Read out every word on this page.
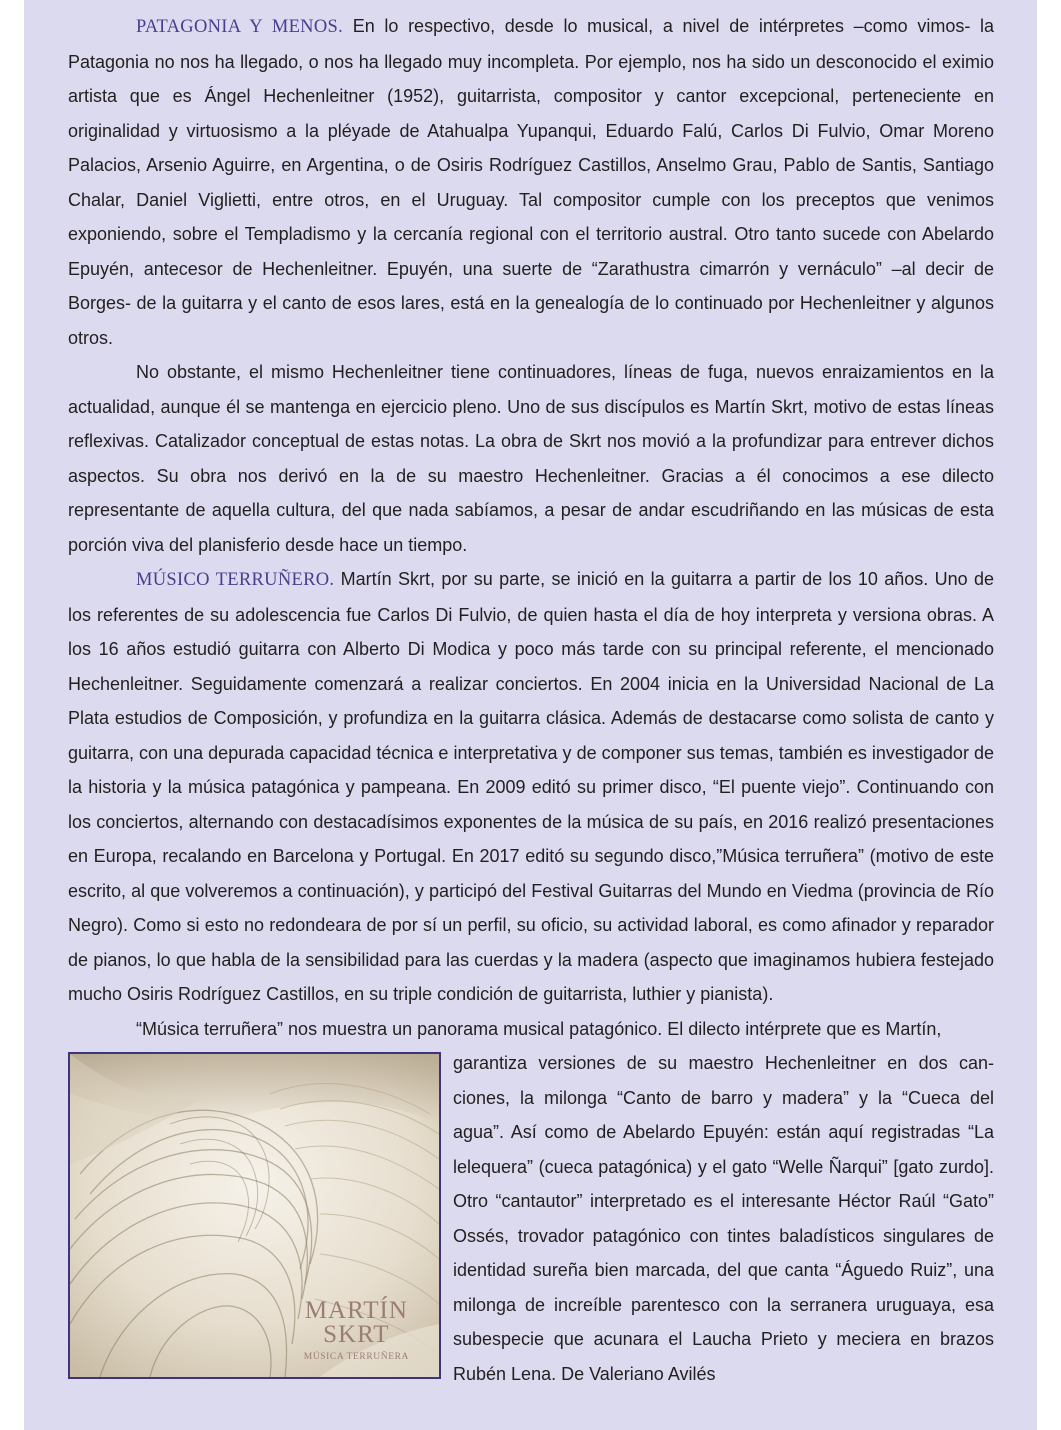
PATAGONIA Y MENOS. En lo respectivo, desde lo musical, a nivel de intérpretes –como vimos- la Patagonia no nos ha llegado, o nos ha llegado muy incompleta. Por ejemplo, nos ha sido un desconocido el eximio artista que es Ángel Hechenleitner (1952), guitarrista, compositor y cantor excepcional, perteneciente en originalidad y virtuosismo a la pléyade de Atahualpa Yupanqui, Eduardo Falú, Carlos Di Fulvio, Omar Moreno Palacios, Arsenio Aguirre, en Argentina, o de Osiris Rodríguez Castillos, Anselmo Grau, Pablo de Santis, Santiago Chalar, Daniel Viglietti, entre otros, en el Uruguay. Tal compositor cumple con los preceptos que venimos exponiendo, sobre el Templadismo y la cercanía regional con el territorio austral. Otro tanto sucede con Abelardo Epuyén, antecesor de Hechenleitner. Epuyén, una suerte de “Zarathustra cimarrón y vernáculo” –al decir de Borges- de la guitarra y el canto de esos lares, está en la genealogía de lo continuado por Hechenleitner y algunos otros.

No obstante, el mismo Hechenleitner tiene continuadores, líneas de fuga, nuevos enraizamientos en la actualidad, aunque él se mantenga en ejercicio pleno. Uno de sus discípulos es Martín Skrt, motivo de estas líneas reflexivas. Catalizador conceptual de estas notas. La obra de Skrt nos movió a la profundizar para entrever dichos aspectos. Su obra nos derivó en la de su maestro Hechenleitner. Gracias a él conocimos a ese dilecto representante de aquella cultura, del que nada sabíamos, a pesar de andar escudriñando en las músicas de esta porción viva del planisferio desde hace un tiempo.

MÚSICO TERRUÑERO. Martín Skrt, por su parte, se inició en la guitarra a partir de los 10 años. Uno de los referentes de su adolescencia fue Carlos Di Fulvio, de quien hasta el día de hoy interpreta y versiona obras. A los 16 años estudió guitarra con Alberto Di Modica y poco más tarde con su principal referente, el mencionado Hechenleitner. Seguidamente comenzará a realizar conciertos. En 2004 inicia en la Universidad Nacional de La Plata estudios de Composición, y profundiza en la guitarra clásica. Además de destacarse como solista de canto y guitarra, con una depurada capacidad técnica e interpretativa y de componer sus temas, también es investigador de la historia y la música patagónica y pampeana. En 2009 editó su primer disco, “El puente viejo”. Continuando con los conciertos, alternando con destacadísimos exponentes de la música de su país, en 2016 realizó presentaciones en Europa, recalando en Barcelona y Portugal. En 2017 editó su segundo disco,”Música terruñera” (motivo de este escrito, al que volveremos a continuación), y participó del Festival Guitarras del Mundo en Viedma (provincia de Río Negro). Como si esto no redondeara de por sí un perfil, su oficio, su actividad laboral, es como afinador y reparador de pianos, lo que habla de la sensibilidad para las cuerdas y la madera (aspecto que imaginamos hubiera festejado mucho Osiris Rodríguez Castillos, en su triple condición de guitarrista, luthier y pianista).

“Música terruñera” nos muestra un panorama musical patagónico. El dilecto intérprete que es Martín,

MARTÍN
SKRT
MÚSICA TERRUÑERA

garantiza versiones de su maestro Hechenleitner en dos canciones, la milonga “Canto de barro y madera” y la “Cueca del agua”. Así como de Abelardo Epuyén: están aquí registradas “La lelequera” (cueca patagónica) y el gato “Welle Ñarqui” [gato zurdo]. Otro “cantautor” interpretado es el interesante Héctor Raúl “Gato” Ossés, trovador patagónico con tintes baladísticos singulares de identidad sureña bien marcada, del que canta “Águedo Ruiz”, una milonga de increíble parentesco con la serranera uruguaya, esa subespecie que acunara el Laucha Prieto y meciera en brazos Rubén Lena. De Valeriano Avilés
